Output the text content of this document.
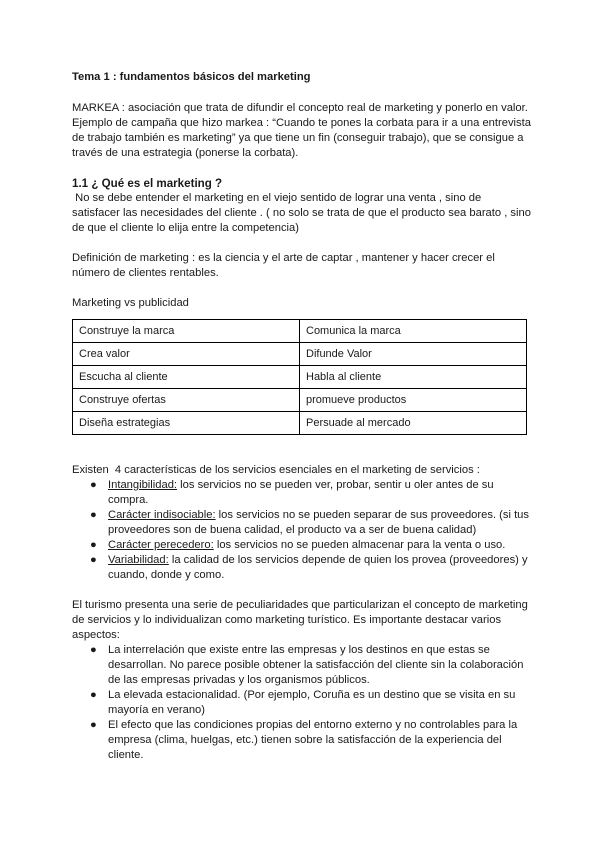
Tema 1 : fundamentos básicos del marketing

MARKEA : asociación que trata de difundir el concepto real de marketing y ponerlo en valor.

Ejemplo de campaña que hizo markea : “Cuando te pones la corbata para ir a una entrevista

de trabajo también es marketing” ya que tiene un fin (conseguir trabajo), que se consigue a

través de una estrategia (ponerse la corbata).

1.1 ¿ Qué es el marketing ?

No se debe entender el marketing en el viejo sentido de lograr una venta , sino de

satisfacer las necesidades del cliente . ( no solo se trata de que el producto sea barato , sino

de que el cliente lo elija entre la competencia)

Definición de marketing : es la ciencia y el arte de captar , mantener y hacer crecer el

número de clientes rentables.

Marketing vs publicidad

Construye la marca	Comunica la marca
Crea valor	Difunde Valor
Escucha al cliente	Habla al cliente
Construye ofertas	promueve productos
Diseña estrategias	Persuade al mercado

Existen  4 características de los servicios esenciales en el marketing de servicios :

● Intangibilidad: los servicios no se pueden ver, probar, sentir u oler antes de su
compra.
● Carácter indisociable: los servicios no se pueden separar de sus proveedores. (si tus
proveedores son de buena calidad, el producto va a ser de buena calidad)
● Carácter perecedero: los servicios no se pueden almacenar para la venta o uso.
● Variabilidad: la calidad de los servicios depende de quien los provea (proveedores) y
cuando, donde y como.

El turismo presenta una serie de peculiaridades que particularizan el concepto de marketing

de servicios y lo individualizan como marketing turístico. Es importante destacar varios

aspectos:

● La interrelación que existe entre las empresas y los destinos en que estas se
desarrollan. No parece posible obtener la satisfacción del cliente sin la colaboración
de las empresas privadas y los organismos públicos.
● La elevada estacionalidad. (Por ejemplo, Coruña es un destino que se visita en su
mayoría en verano)
● El efecto que las condiciones propias del entorno externo y no controlables para la
empresa (clima, huelgas, etc.) tienen sobre la satisfacción de la experiencia del
cliente.
